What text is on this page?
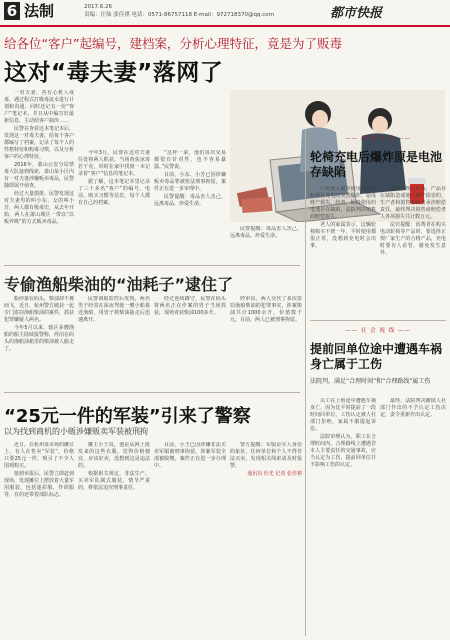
6 法制	2017.6.26
责编：汪仙 张佳祺 电话：0571-86757118 E-mail：972718370@qq.com	都市快报
给各位“客户”起编号，建档案，分析心理特征，竟是为了贩毒
这对“毒夫妻”落网了

一对夫妻，各有心机人戒毒，遇过程式打吸毒流水进行计划和沟通，同时还记有一份“客户”笔记本，并且从中编写好最新信息，主动给客户搞传……

民警在查看这本笔记本后，发现这一对毒夫妻，给每个客户都编写了档案，记录了每个人的性格特征和购毒习惯，以及分析客户的心理特征。

2016年，萧山公安分局禁毒大队接到线索，萧山某小区内有一对夫妻涉嫌贩卖毒品，民警随即展开侦查。

经过大量摸排，民警发现这对夫妻男的叫小东，女的叫小芳，两人都有吸毒史，从去年开始，两人在萧山城区一带以“以贩养吸”的方式贩卖毒品。

今年3月，民警在这对夫妻住处将两人抓获，当场查获冰毒若干克，同时在家中找到一本记录着“客户”信息的笔记本。

据了解，这本笔记本里记录了三十多名“客户”的编号、电话、购买习惯等信息，每个人都有自己的档案。

“这样一来，他们每次交易都很有针对性，也不容易暴露。”民警说。

目前，小东、小芳已因涉嫌贩卖毒品罪被依法刑事拘留，案件正在进一步审理中。

民警提醒：毒品害人害己，远离毒品，珍爱生命。

民警提醒：毒品害人害己，远离毒品，珍爱生命。

专偷渔船柴油的“油耗子”逮住了

船停靠在码头，柴油却不翼而飞，近日，杭州警方破获一起专门盗窃渔船柴油的案件，抓获犯罪嫌疑人两名。

今年5月以来，辖区多艘渔船的船主陆续报警称，停泊在码头的渔船油箱里的柴油被人偷走了。

民警调取监控后发现，两名男子经常在深夜驾驶一艘小船靠近渔船，用管子将柴油抽走后迅速离开。

经过连续蹲守，民警在码头将两名正在作案的男子当场抓获，现场查获柴油100多升。

经审讯，两人交代了多次盗窃渔船柴油的犯罪事实，涉案柴油共计1000余升，价值数千元。目前，两人已被刑事拘留。

“25元一件的军装”引来了警察
以为找到商机的小贩涉嫌贩卖军装被刑拘

近日，在杭州某市场的摊位上，有人在售卖“军装”，价格只要25元一件，吸引了不少人围观购买。

接到举报后，民警立即赶到现场，发现摊位上摆放着大量军用服装，包括迷彩服、作训服等，有的还带着部队标志。

摊主小王说，他是从网上批发来的这些衣服，觉得价格便宜，应该好卖，没想到这是违法的。

根据相关规定，非法生产、买卖军队制式服装，情节严重的，将依法追究刑事责任。

目前，小王已因涉嫌非法买卖军服被刑事拘留，涉案军装全部被收缴，案件正在进一步办理中。

警方提醒：军服是军人身份的象征，任何单位和个人不得非法买卖，发现相关线索请及时报警。

通讯员 杜光 记者 张佳祺

—— 政 府 关 注 ——
轮椅充电后爆炸原是电池存缺陷

六旬老人家中使用的电动轮椅在充电时突然爆炸，造成财产损失，经查，轮椅使用的电池存在缺陷，法院判决销售商赔偿损失。

老人的家属表示，这辆轮椅购买不到一年，平时使用都很正常，没想到充电时会出事。

法院审理后认为，产品存在缺陷造成他人财产损害的，生产者和销售者应当承担赔偿责任，最终判决销售商赔偿老人各项损失共计数万元。

法官提醒：消费者在购买电动轮椅等产品时，要选择正规厂家生产的合格产品，充电时要有人看管，避免发生意外。

—— 社 会 视 线 ——
提前回单位途中遭遇车祸身亡属于工伤
法院判，满足“合理时间”和“合理路线”属工伤

员工在上班途中遭遇车祸身亡，因为比平时提前了一段时间回单位，工伤认定被人社部门拒绝，家属不服提起诉讼。

法院审理认为，职工在合理时间内、合理路线上遭遇非本人主要责任的交通事故，应当认定为工伤，提前回单位并不影响工伤的认定。

最终，法院判决撤销人社部门作出的不予认定工伤决定，责令重新作出认定。
